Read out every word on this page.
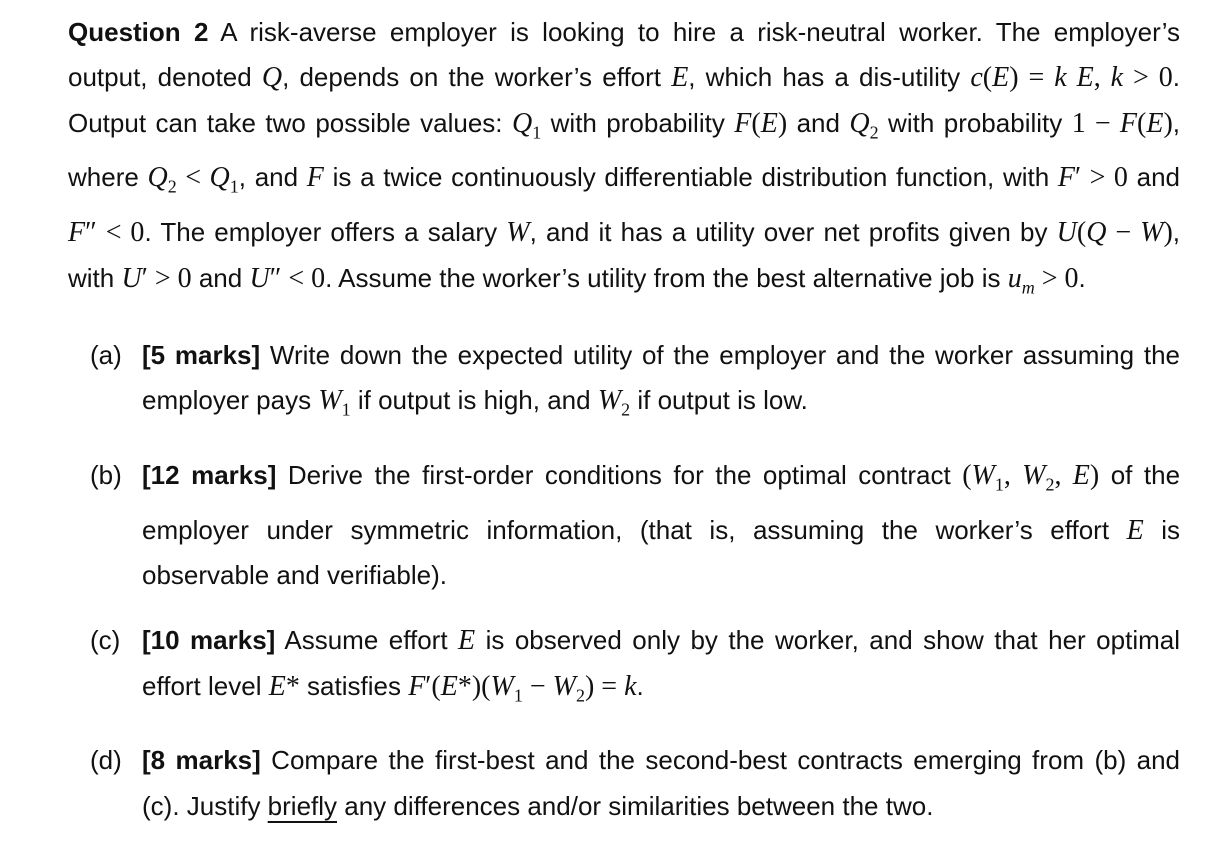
Question 2 A risk-averse employer is looking to hire a risk-neutral worker. The employer’s output, denoted Q, depends on the worker’s effort E, which has a dis-utility c(E) = k E, k > 0. Output can take two possible values: $Q_1$ with probability F(E) and $Q_2$ with probability 1 − F(E), where $Q_2 < Q_1$, and F is a twice continuously differentiable distribution function, with F′ > 0 and F″ < 0. The employer offers a salary W, and it has a utility over net profits given by U(Q − W), with U′ > 0 and U″ < 0. Assume the worker’s utility from the best alternative job is $u_m > 0$.

(a) [5 marks] Write down the expected utility of the employer and the worker assuming the employer pays $W_1$ if output is high, and $W_2$ if output is low.
(b) [12 marks] Derive the first-order conditions for the optimal contract ($W_1$, $W_2$, E) of the employer under symmetric information, (that is, assuming the worker’s effort E is observable and verifiable).
(c) [10 marks] Assume effort E is observed only by the worker, and show that her optimal effort level E* satisfies $F'(E*)(W_1 - W_2) = k$.
(d) [8 marks] Compare the first-best and the second-best contracts emerging from (b) and (c). Justify briefly any differences and/or similarities between the two.
